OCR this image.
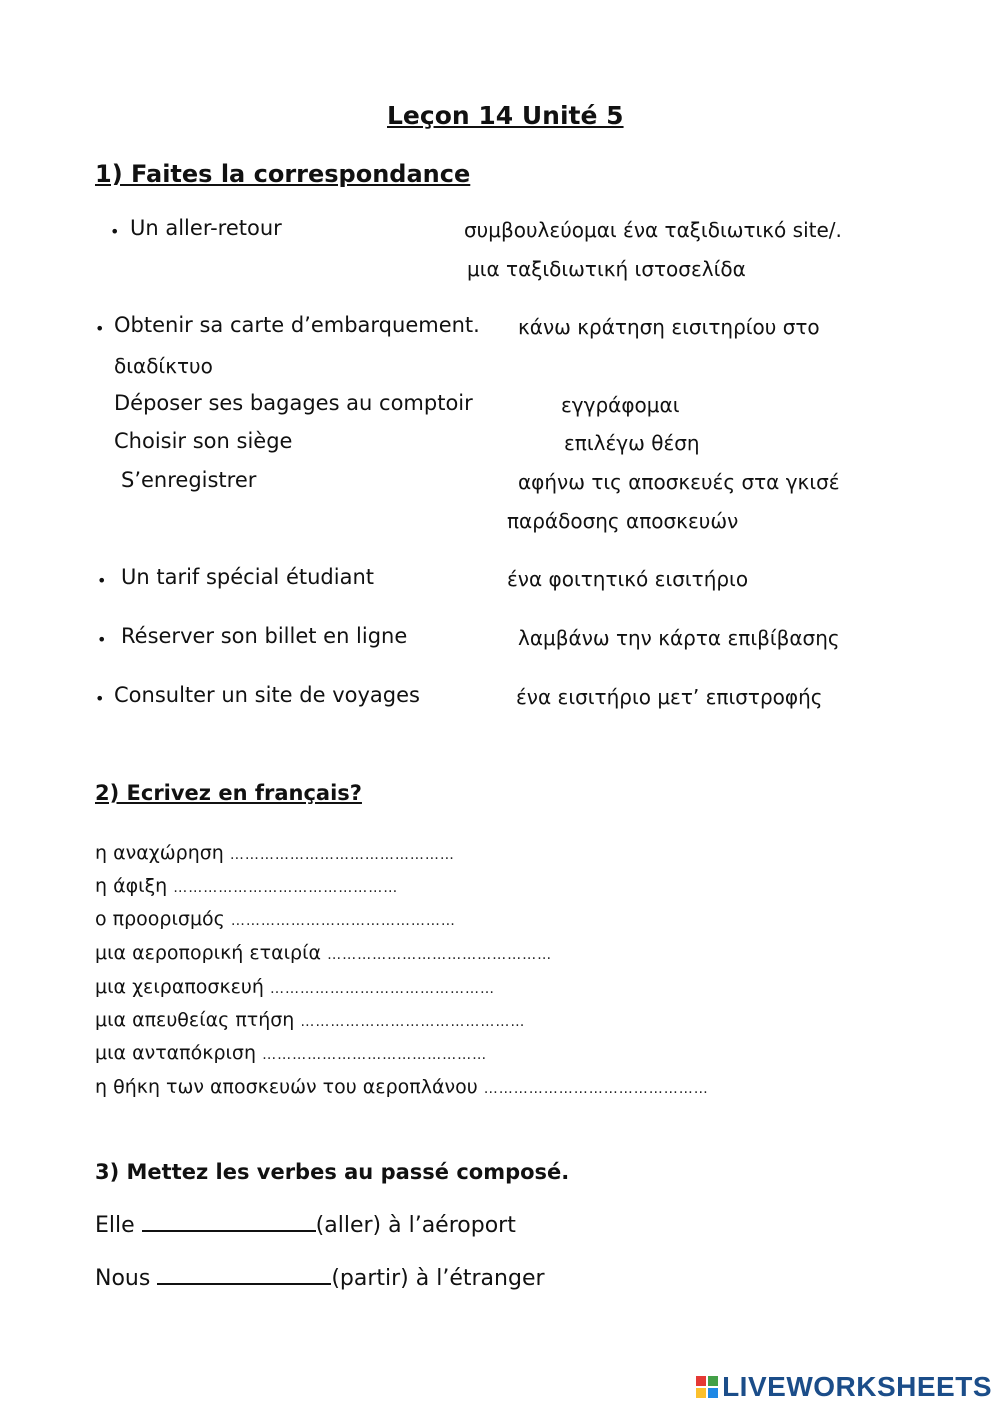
Leçon 14 Unité 5
1) Faites la correspondance
• Un aller-retour	συμβουλεύομαι ένα ταξιδιωτικό site/.
μια ταξιδιωτική ιστοσελίδα
• Obtenir sa carte d’embarquement. κάνω κράτηση εισιτηρίου στο
διαδίκτυο
Déposer ses bagages au comptoir	εγγράφομαι
Choisir son siège	επιλέγω θέση
S’enregistrer	αφήνω τις αποσκευές στα γκισέ
παράδοσης αποσκευών
• Un tarif spécial étudiant	ένα φοιτητικό εισιτήριο
• Réserver son billet en ligne	λαμβάνω την κάρτα επιβίβασης
• Consulter un site de voyages	ένα εισιτήριο μετ’ επιστροφής
2) Ecrivez en français?
η αναχώρηση ………………………………………
η άφιξη ………………………………………
ο προορισμός ………………………………………
μια αεροπορική εταιρία ………………………………………
μια χειραποσκευή ………………………………………
μια απευθείας πτήση ………………………………………
μια ανταπόκριση ………………………………………
η θήκη των αποσκευών του αεροπλάνου ………………………………………
3) Mettez les verbes au passé composé.
Elle	(aller) à l’aéroport
Nous	(partir) à l’étranger
LIVEWORKSHEETS
